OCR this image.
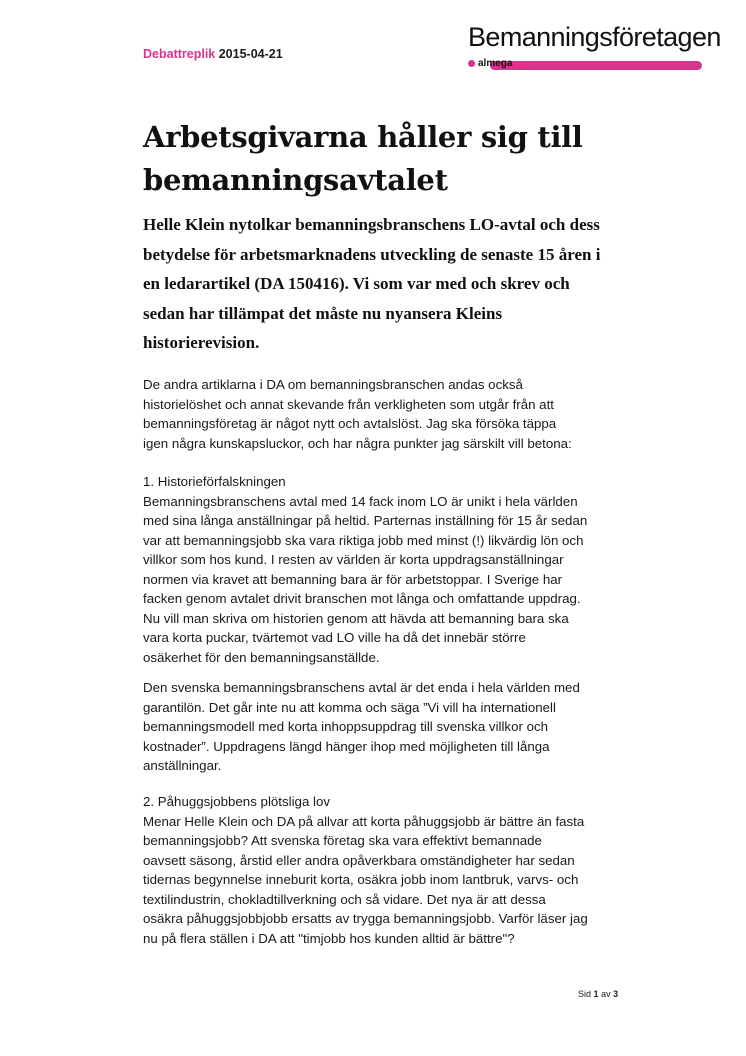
Debattreplik 2015-04-21
Bemanningsföretagen
almega
Arbetsgivarna håller sig till bemanningsavtalet

Helle Klein nytolkar bemanningsbranschens LO-avtal och dess betydelse för arbetsmarknadens utveckling de senaste 15 åren i en ledarartikel (DA 150416). Vi som var med och skrev och sedan har tillämpat det måste nu nyansera Kleins historierevision.

De andra artiklarna i DA om bemanningsbranschen andas också
historielöshet och annat skevande från verkligheten som utgår från att
bemanningsföretag är något nytt och avtalslöst. Jag ska försöka täppa
igen några kunskapsluckor, och har några punkter jag särskilt vill betona:

1. Historieförfalskningen
Bemanningsbranschens avtal med 14 fack inom LO är unikt i hela världen
med sina långa anställningar på heltid. Parternas inställning för 15 år sedan
var att bemanningsjobb ska vara riktiga jobb med minst (!) likvärdig lön och
villkor som hos kund. I resten av världen är korta uppdragsanställningar
normen via kravet att bemanning bara är för arbetstoppar. I Sverige har
facken genom avtalet drivit branschen mot långa och omfattande uppdrag.
Nu vill man skriva om historien genom att hävda att bemanning bara ska
vara korta puckar, tvärtemot vad LO ville ha då det innebär större
osäkerhet för den bemanningsanställde.

Den svenska bemanningsbranschens avtal är det enda i hela världen med
garantilön. Det går inte nu att komma och säga ”Vi vill ha internationell
bemanningsmodell med korta inhoppsuppdrag till svenska villkor och
kostnader”. Uppdragens längd hänger ihop med möjligheten till långa
anställningar.

2. Påhuggsjobbens plötsliga lov
Menar Helle Klein och DA på allvar att korta påhuggsjobb är bättre än fasta
bemanningsjobb? Att svenska företag ska vara effektivt bemannade
oavsett säsong, årstid eller andra opåverkbara omständigheter har sedan
tidernas begynnelse inneburit korta, osäkra jobb inom lantbruk, varvs- och
textilindustrin, chokladtillverkning och så vidare. Det nya är att dessa
osäkra påhuggsjobbjobb ersatts av trygga bemanningsjobb. Varför läser jag
nu på flera ställen i DA att "timjobb hos kunden alltid är bättre"?

Sid 1 av 3
